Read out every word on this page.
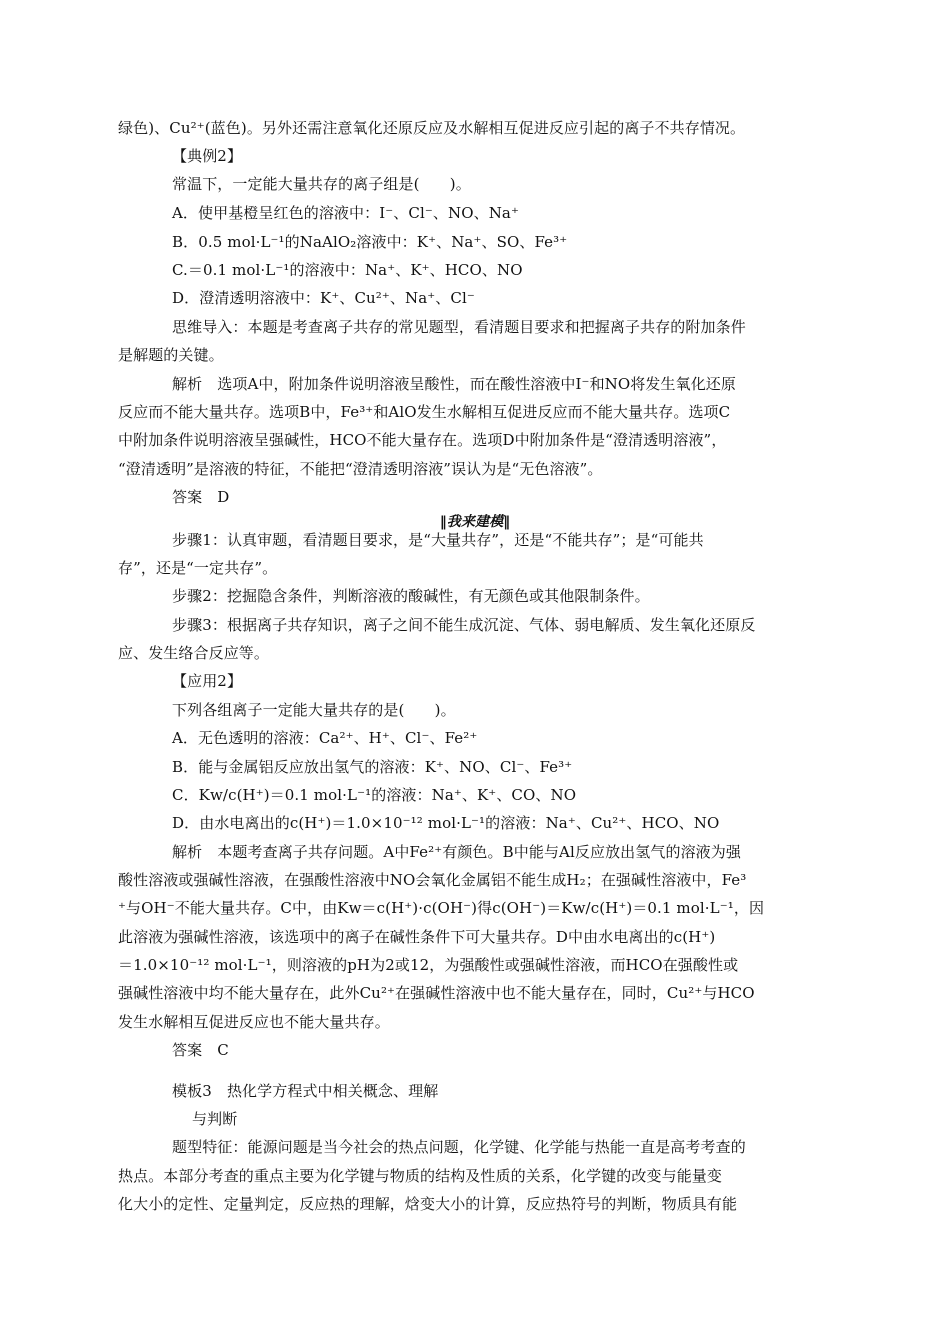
绿色)、Cu²⁺(蓝色)。另外还需注意氧化还原反应及水解相互促进反应引起的离子不共存情况。
【典例2】
常温下，一定能大量共存的离子组是(　　)。
A．使甲基橙呈红色的溶液中：I⁻、Cl⁻、NO、Na⁺
B．0.5 mol·L⁻¹的NaAlO₂溶液中：K⁺、Na⁺、SO、Fe³⁺
C.＝0.1 mol·L⁻¹的溶液中：Na⁺、K⁺、HCO、NO
D．澄清透明溶液中：K⁺、Cu²⁺、Na⁺、Cl⁻
思维导入：本题是考查离子共存的常见题型，看清题目要求和把握离子共存的附加条件
是解题的关键。
解析　选项A中，附加条件说明溶液呈酸性，而在酸性溶液中I⁻和NO将发生氧化还原
反应而不能大量共存。选项B中，Fe³⁺和AlO发生水解相互促进反应而不能大量共存。选项C
中附加条件说明溶液呈强碱性，HCO不能大量存在。选项D中附加条件是“澄清透明溶液”，
“澄清透明”是溶液的特征，不能把“澄清透明溶液”误认为是“无色溶液”。
答案　D
‖我来建模‖
步骤1：认真审题，看清题目要求，是“大量共存”，还是“不能共存”；是“可能共
存”，还是“一定共存”。
步骤2：挖掘隐含条件，判断溶液的酸碱性，有无颜色或其他限制条件。
步骤3：根据离子共存知识，离子之间不能生成沉淀、气体、弱电解质、发生氧化还原反
应、发生络合反应等。
【应用2】
下列各组离子一定能大量共存的是(　　)。
A．无色透明的溶液：Ca²⁺、H⁺、Cl⁻、Fe²⁺
B．能与金属铝反应放出氢气的溶液：K⁺、NO、Cl⁻、Fe³⁺
C．Kw/c(H⁺)＝0.1 mol·L⁻¹的溶液：Na⁺、K⁺、CO、NO
D．由水电离出的c(H⁺)＝1.0×10⁻¹² mol·L⁻¹的溶液：Na⁺、Cu²⁺、HCO、NO
解析　本题考查离子共存问题。A中Fe²⁺有颜色。B中能与Al反应放出氢气的溶液为强
酸性溶液或强碱性溶液，在强酸性溶液中NO会氧化金属铝不能生成H₂；在强碱性溶液中，Fe³
⁺与OH⁻不能大量共存。C中，由Kw＝c(H⁺)·c(OH⁻)得c(OH⁻)＝Kw/c(H⁺)＝0.1 mol·L⁻¹，因
此溶液为强碱性溶液，该选项中的离子在碱性条件下可大量共存。D中由水电离出的c(H⁺)
＝1.0×10⁻¹² mol·L⁻¹，则溶液的pH为2或12，为强酸性或强碱性溶液，而HCO在强酸性或
强碱性溶液中均不能大量存在，此外Cu²⁺在强碱性溶液中也不能大量存在，同时，Cu²⁺与HCO
发生水解相互促进反应也不能大量共存。
答案　C
模板3　热化学方程式中相关概念、理解
与判断
题型特征：能源问题是当今社会的热点问题，化学键、化学能与热能一直是高考考查的
热点。本部分考查的重点主要为化学键与物质的结构及性质的关系，化学键的改变与能量变
化大小的定性、定量判定，反应热的理解，焓变大小的计算，反应热符号的判断，物质具有能
